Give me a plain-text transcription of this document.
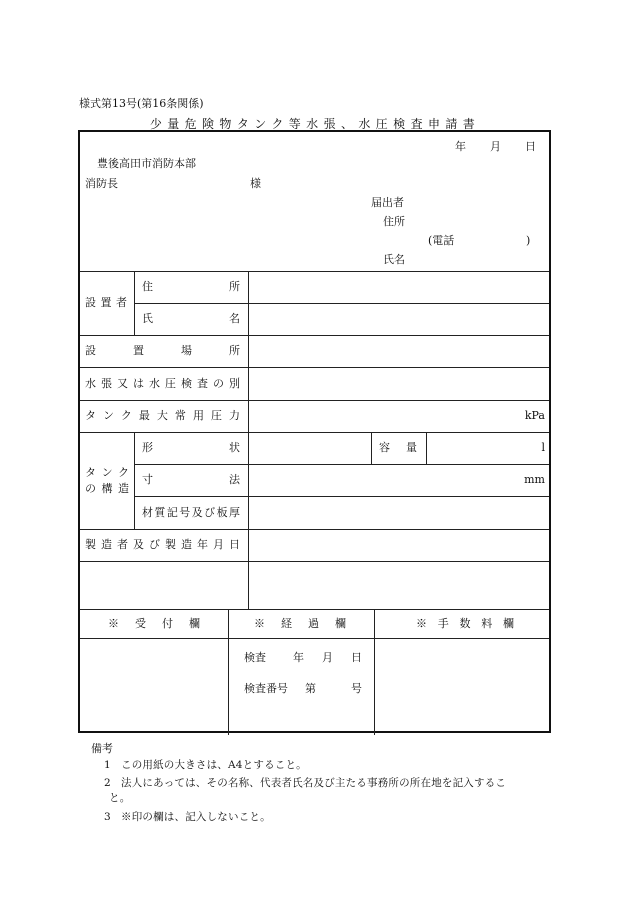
様式第13号(第16条関係)
少量危険物タンク等水張、水圧検査申請書
年 月 日
豊後高田市消防本部
消防長	様
届出者
住所
(電話	)
氏名
設置者
住所
氏名
設置場所
水張又は水圧検査の別
タンク最大常用圧力	kPa
タンク
の構造
形状	容量	l
寸法	mm
材質記号及び板厚
製造者及び製造年月日
※受付欄	※経過欄	※手数料欄
検査 年 月 日
検査番号 第	号
備考
1 この用紙の大きさは、A4とすること。
2 法人にあっては、その名称、代表者氏名及び主たる事務所の所在地を記入するこ
と。
3 ※印の欄は、記入しないこと。
